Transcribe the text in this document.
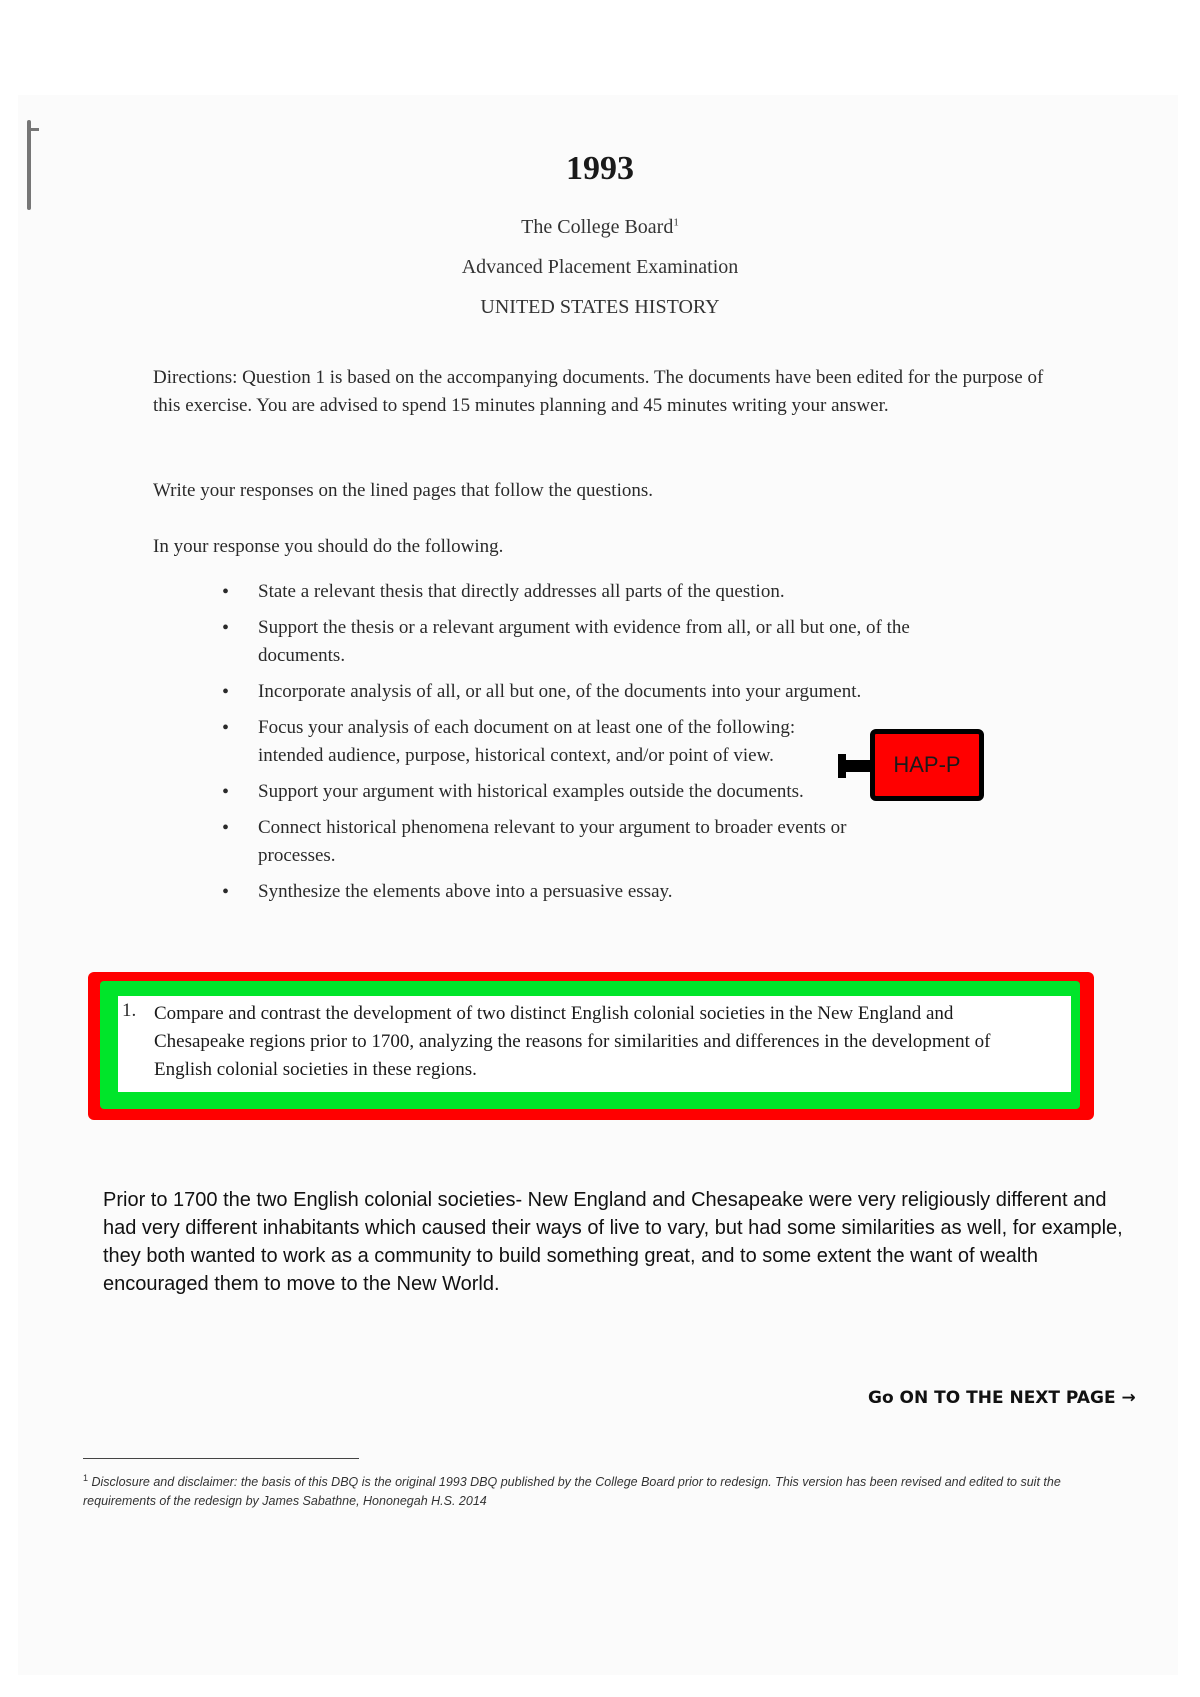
1993
The College Board$^1$
Advanced Placement Examination
UNITED STATES HISTORY
Directions: Question 1 is based on the accompanying documents. The documents have been edited for the purpose of this exercise. You are advised to spend 15 minutes planning and 45 minutes writing your answer.
Write your responses on the lined pages that follow the questions.
In your response you should do the following.
• State a relevant thesis that directly addresses all parts of the question.
• Support the thesis or a relevant argument with evidence from all, or all but one, of the documents.
• Incorporate analysis of all, or all but one, of the documents into your argument.
• Focus your analysis of each document on at least one of the following: intended audience, purpose, historical context, and/or point of view.
• Support your argument with historical examples outside the documents.
• Connect historical phenomena relevant to your argument to broader events or processes.
• Synthesize the elements above into a persuasive essay.
HAP-P
1. Compare and contrast the development of two distinct English colonial societies in the New England and Chesapeake regions prior to 1700, analyzing the reasons for similarities and differences in the development of English colonial societies in these regions.
Prior to 1700 the two English colonial societies- New England and Chesapeake were very religiously different and had very different inhabitants which caused their ways of live to vary, but had some similarities as well, for example, they both wanted to work as a community to build something great, and to some extent the want of wealth encouraged them to move to the New World.
Go ON TO THE NEXT PAGE →
$^1$ Disclosure and disclaimer: the basis of this DBQ is the original 1993 DBQ published by the College Board prior to redesign. This version has been revised and edited to suit the requirements of the redesign by James Sabathne, Hononegah H.S. 2014
